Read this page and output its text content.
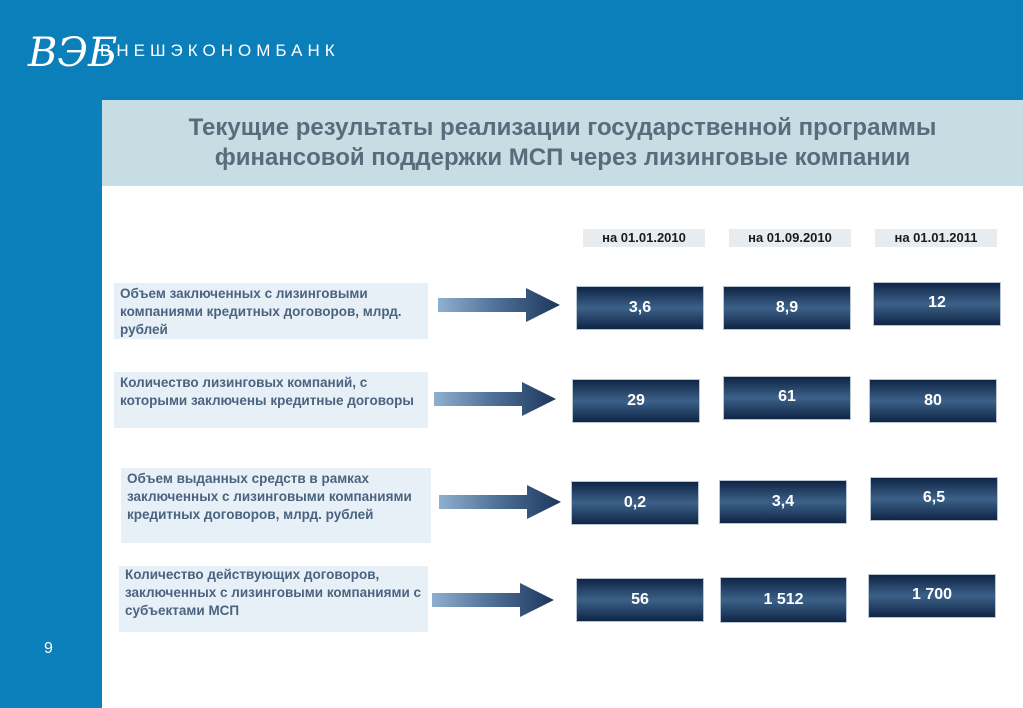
ВЭБ
ВНЕШЭКОНОМБАНК
Текущие результаты реализации государственной программы
финансовой поддержки МСП через лизинговые компании
на 01.01.2010	на 01.09.2010	на 01.01.2011
Объем заключенных с лизинговыми компаниями кредитных договоров, млрд. рублей
3,6	8,9	12
Количество лизинговых компаний, с которыми заключены кредитные договоры	29	61	80
Объем выданных средств в рамках заключенных с лизинговыми компаниями кредитных договоров, млрд. рублей
0,2	3,4	6,5
Количество действующих договоров, заключенных с лизинговыми компаниями с субъектами МСП
56	1 512	1 700
9
